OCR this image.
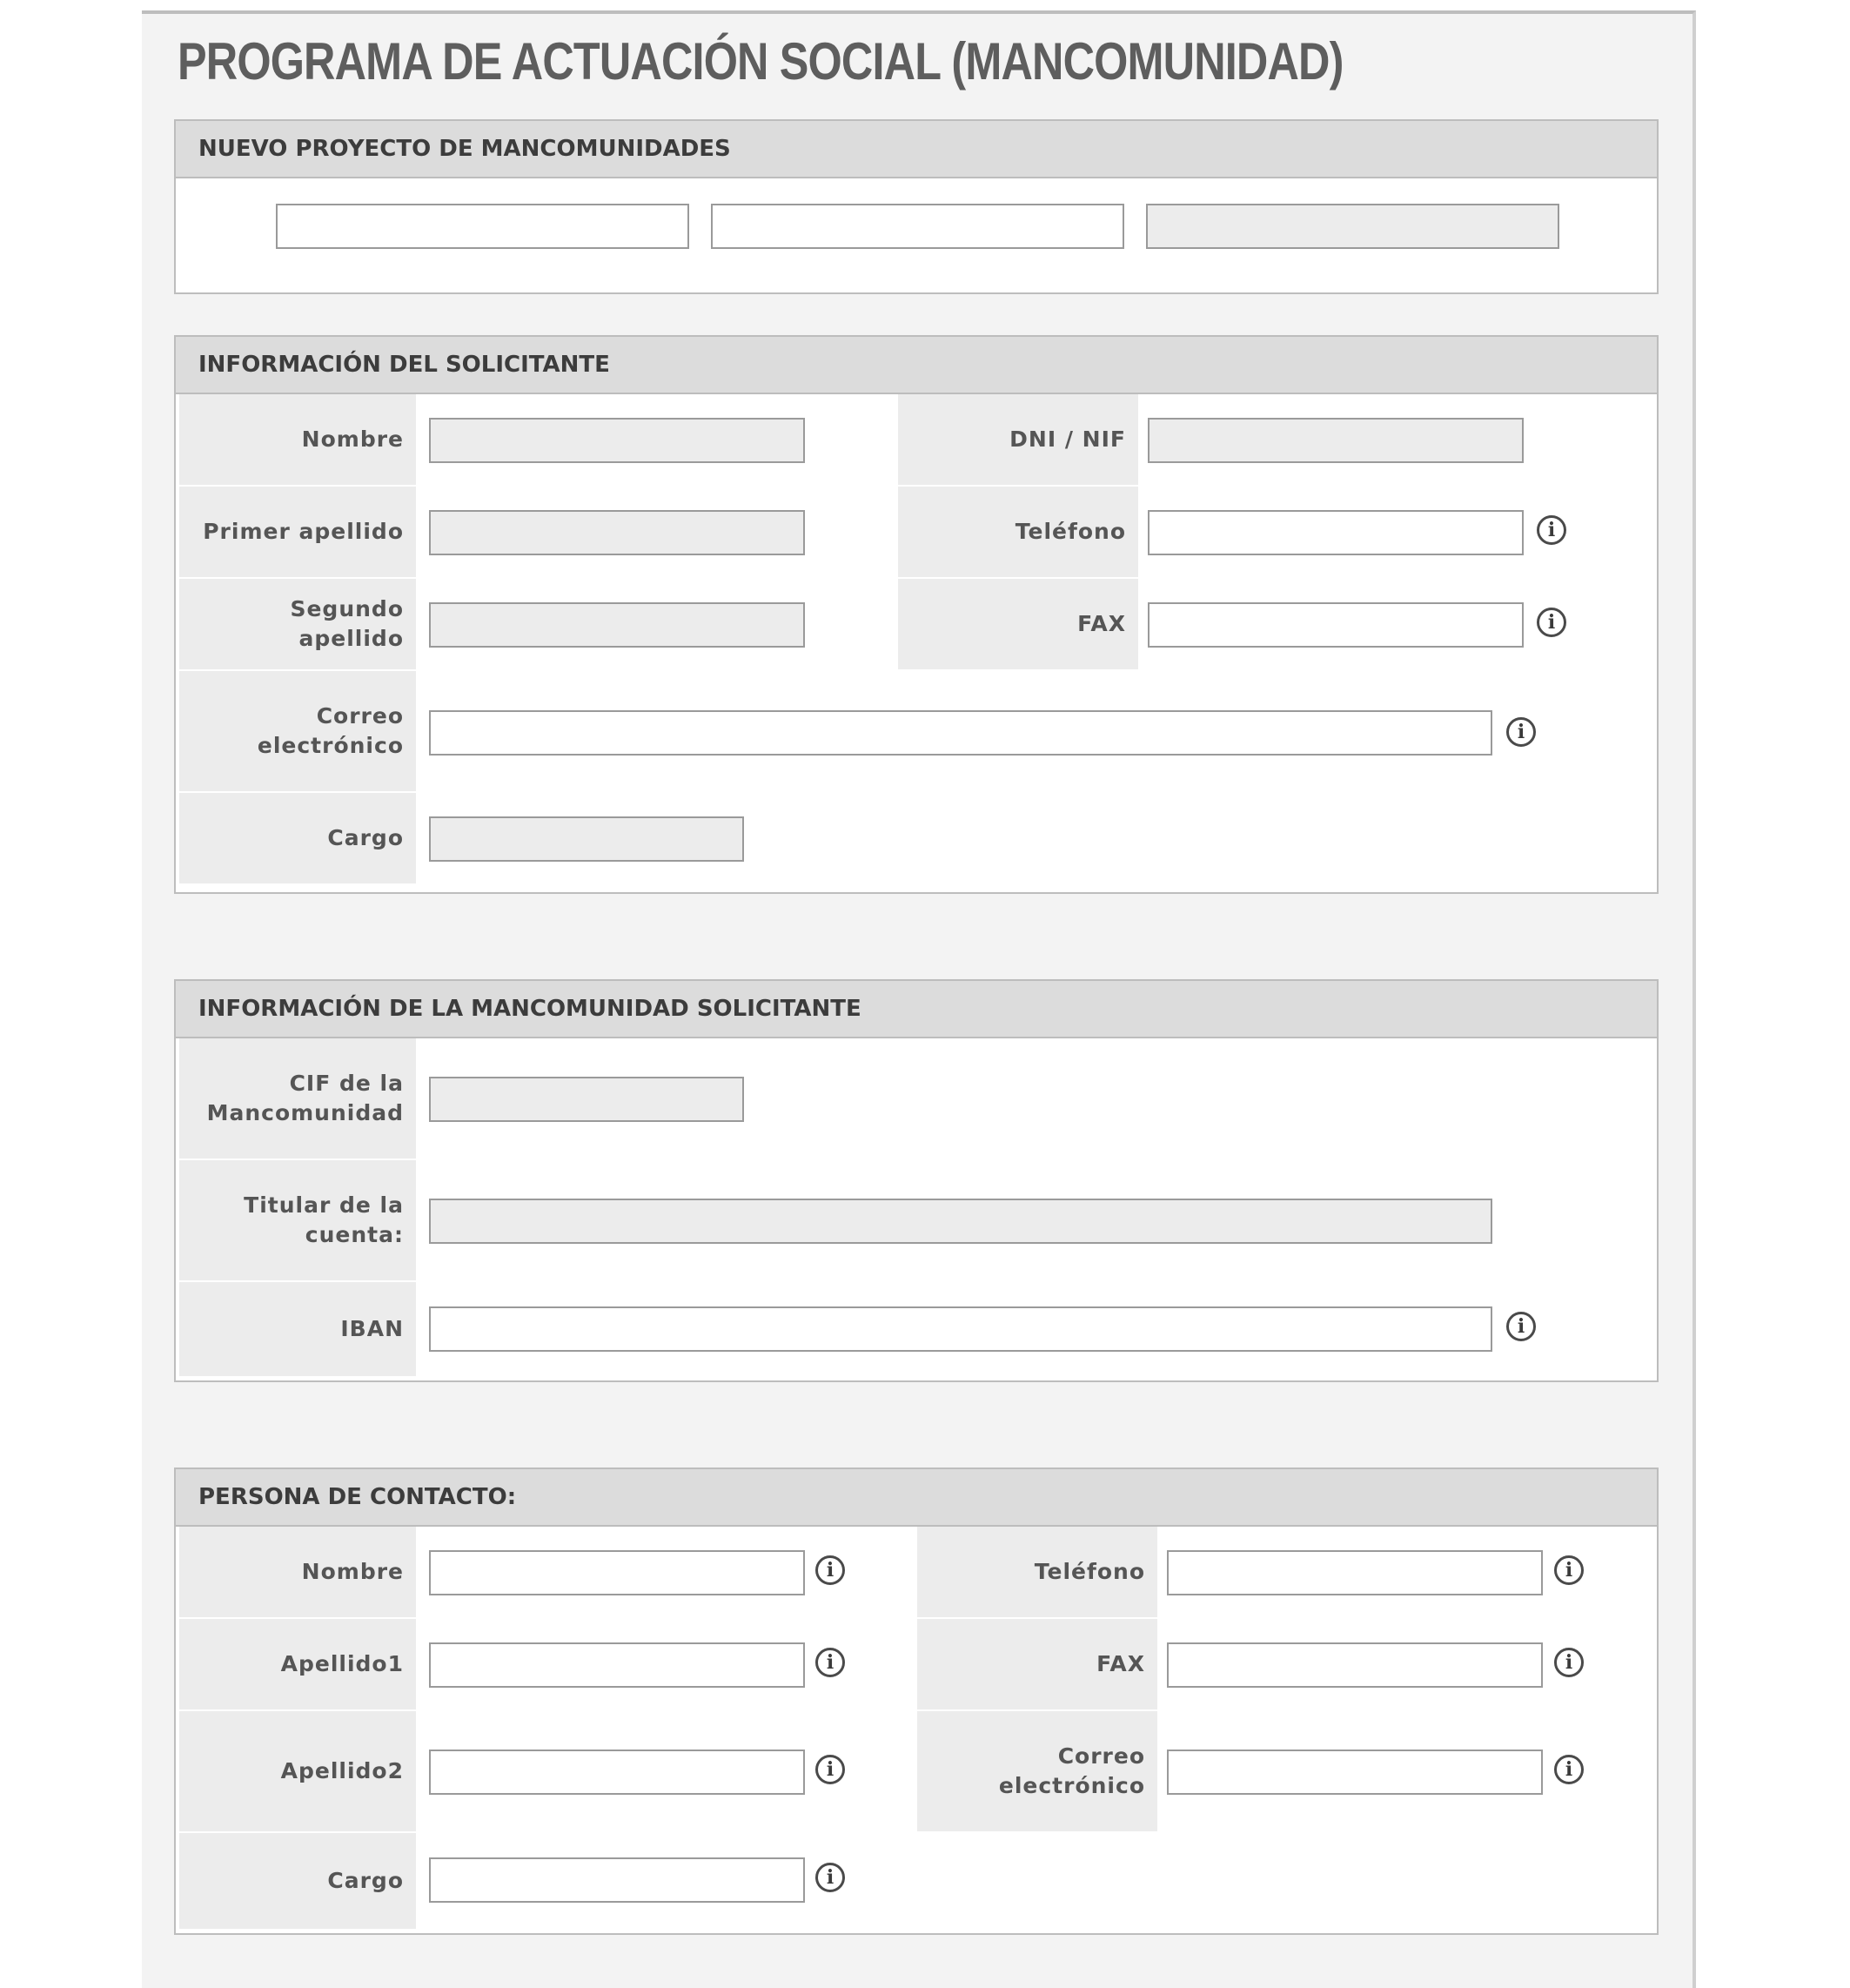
PROGRAMA DE ACTUACIÓN SOCIAL (MANCOMUNIDAD)
NUEVO PROYECTO DE MANCOMUNIDADES
INFORMACIÓN DEL SOLICITANTE
Nombre
Primer apellido
Segundo apellido
Correo
electrónico
Cargo
i
DNI / NIF
Teléfono
FAX
i
i
INFORMACIÓN DE LA MANCOMUNIDAD SOLICITANTE
CIF de la
Mancomunidad
Titular de la
cuenta:
IBAN	i
PERSONA DE CONTACTO:
Nombre
Apellido1
Apellido2
Cargo
i
i
i
i
Teléfono
FAX
Correo
electrónico
i
i
i
